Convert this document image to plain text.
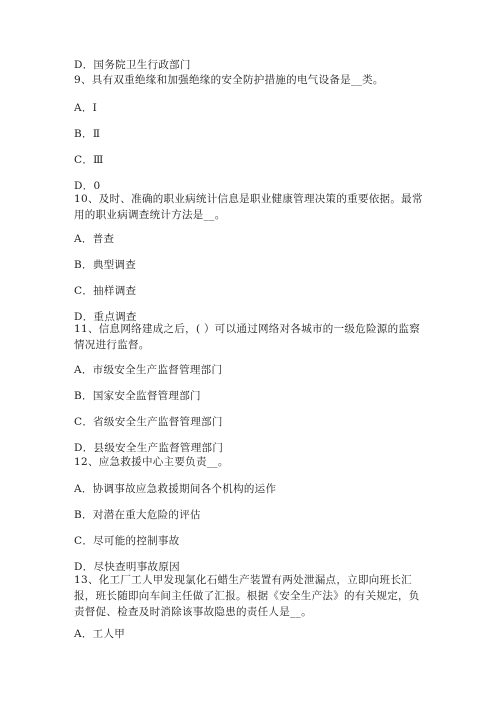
D．国务院卫生行政部门
9、具有双重绝缘和加强绝缘的安全防护措施的电气设备是__类。
A．Ⅰ
B．Ⅱ
C．Ⅲ
D．0
10、及时、准确的职业病统计信息是职业健康管理决策的重要依据。最常用的职业病调查统计方法是__。
A．普查
B．典型调查
C．抽样调查
D．重点调查
11、信息网络建成之后，( ）可以通过网络对各城市的一级危险源的监察情况进行监督。
A．市级安全生产监督管理部门
B．国家安全监督管理部门
C．省级安全生产监督管理部门
D．县级安全生产监督管理部门
12、应急救援中心主要负责__。
A．协调事故应急救援期间各个机构的运作
B．对潜在重大危险的评估
C．尽可能的控制事故
D．尽快查明事故原因
13、化工厂工人甲发现氯化石蜡生产装置有两处泄漏点，立即向班长汇报，班长随即向车间主任做了汇报。根据《安全生产法》的有关规定，负责督促、检查及时消除该事故隐患的责任人是__。
A．工人甲
